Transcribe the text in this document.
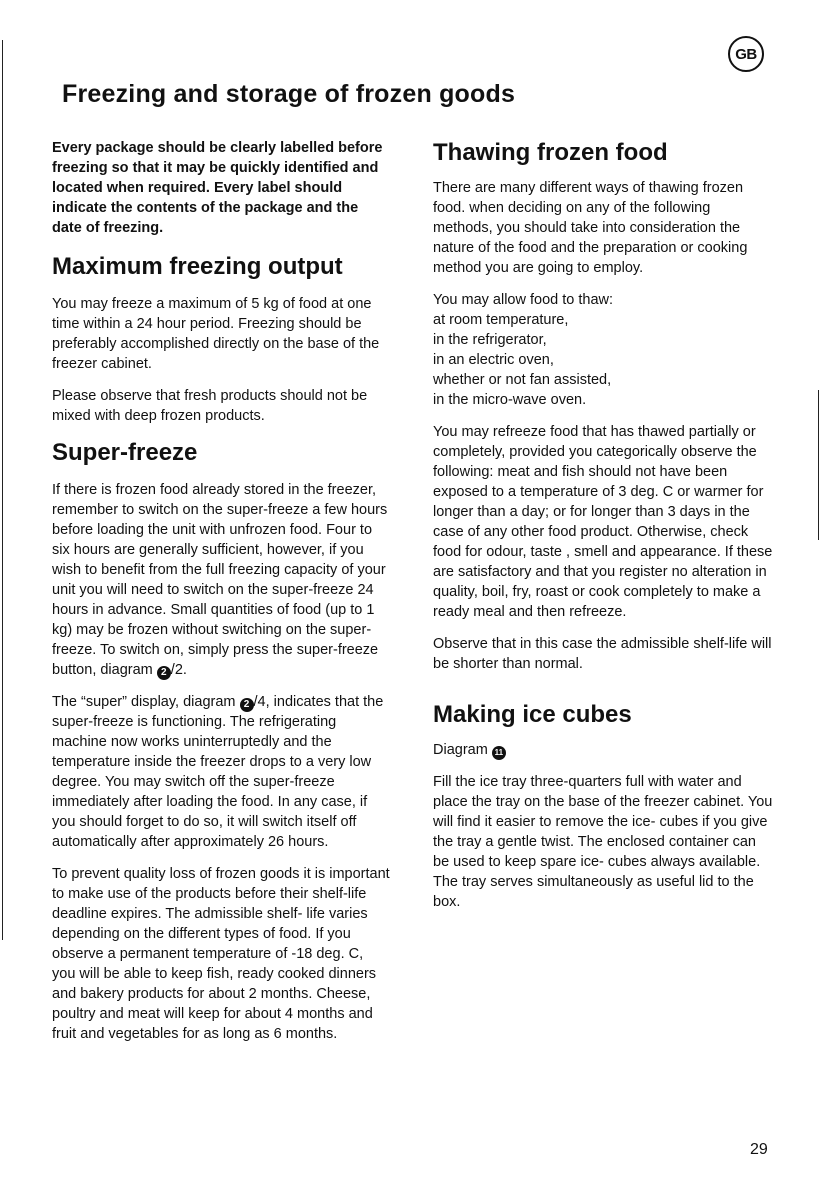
GB
Freezing and storage of frozen goods

Every package should be clearly labelled before freezing so that it may be quickly identified and located when required. Every label should indicate the contents of the package and the date of freezing.

Maximum freezing output

You may freeze a maximum of 5 kg of food at one time within a 24 hour period. Freezing should be preferably accomplished directly on the base of the freezer cabinet.

Please observe that fresh products should not be mixed with deep frozen products.

Super-freeze

If there is frozen food already stored in the freezer, remember to switch on the super-freeze a few hours before loading the unit with unfrozen food. Four to six hours are generally sufficient, however, if you wish to benefit from the full freezing capacity of your unit you will need to switch on the super-freeze 24 hours in advance. Small quantities of food (up to 1 kg) may be frozen without switching on the super-freeze. To switch on, simply press the super-freeze button, diagram 2 /2.

The “super” display, diagram 2 /4, indicates that the super-freeze is functioning. The refrigerating machine now works uninterruptedly and the temperature inside the freezer drops to a very low degree. You may switch off the super-freeze immediately after loading the food. In any case, if you should forget to do so, it will switch itself off automatically after approximately 26 hours.

To prevent quality loss of frozen goods it is important to make use of the products before their shelf-life deadline expires. The admissible shelf- life varies depending on the different types of food. If you observe a permanent temperature of -18 deg. C, you will be able to keep fish, ready cooked dinners and bakery products for about 2 months. Cheese, poultry and meat will keep for about 4 months and fruit and vegetables for as long as 6 months.

Thawing frozen food

There are many different ways of thawing frozen food. when deciding on any of the following methods, you should take into consideration the nature of the food and the preparation or cooking method you are going to employ.

You may allow food to thaw:
at room temperature,
in the refrigerator,
in an electric oven,
whether or not fan assisted,
in the micro-wave oven.

You may refreeze food that has thawed partially or completely, provided you categorically observe the following: meat and fish should not have been exposed to a temperature of 3 deg. C or warmer for longer than a day; or for longer than 3 days in the case of any other food product. Otherwise, check food for odour, taste , smell and appearance. If these are satisfactory and that you register no alteration in quality, boil, fry, roast or cook completely to make a ready meal and then refreeze.

Observe that in this case the admissible shelf-life will be shorter than normal.

Making ice cubes

Diagram 11

Fill the ice tray three-quarters full with water and place the tray on the base of the freezer cabinet. You will find it easier to remove the ice- cubes if you give the tray a gentle twist. The enclosed container can be used to keep spare ice- cubes always available. The tray serves simultaneously as useful lid to the box.

29
